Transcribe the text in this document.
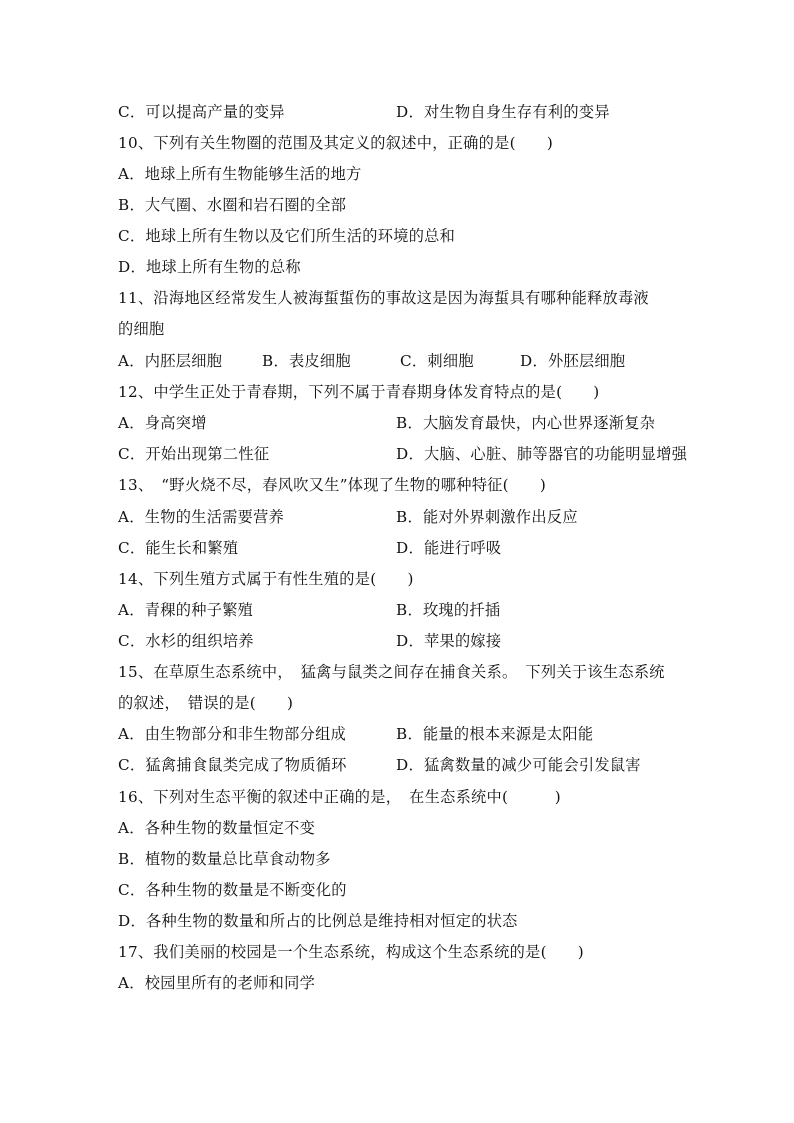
C．可以提高产量的变异	D．对生物自身生存有利的变异
10、下列有关生物圈的范围及其定义的叙述中，正确的是(　　)
A．地球上所有生物能够生活的地方
B．大气圈、水圈和岩石圈的全部
C．地球上所有生物以及它们所生活的环境的总和
D．地球上所有生物的总称
11、沿海地区经常发生人被海蜇蜇伤的事故这是因为海蜇具有哪种能释放毒液
的细胞
A．内胚层细胞	B．表皮细胞	C．刺细胞	D．外胚层细胞
12、中学生正处于青春期，下列不属于青春期身体发育特点的是(　　)
A．身高突增	B．大脑发育最快，内心世界逐渐复杂
C．开始出现第二性征	D．大脑、心脏、肺等器官的功能明显增强
13、　“野火烧不尽，春风吹又生”体现了生物的哪种特征(　　)
A．生物的生活需要营养	B．能对外界刺激作出反应
C．能生长和繁殖	D．能进行呼吸
14、下列生殖方式属于有性生殖的是(　　)
A．青稞的种子繁殖	B．玫瑰的扦插
C．水杉的组织培养	D．苹果的嫁接
15、在草原生态系统中，　猛禽与鼠类之间存在捕食关系。　下列关于该生态系统
的叙述，　错误的是(　　)
A．由生物部分和非生物部分组成	B．能量的根本来源是太阳能
C．猛禽捕食鼠类完成了物质循环	D．猛禽数量的减少可能会引发鼠害
16、下列对生态平衡的叙述中正确的是，　在生态系统中(　　　)
A．各种生物的数量恒定不变
B．植物的数量总比草食动物多
C．各种生物的数量是不断变化的
D．各种生物的数量和所占的比例总是维持相对恒定的状态
17、我们美丽的校园是一个生态系统，构成这个生态系统的是(　　)
A．校园里所有的老师和同学
